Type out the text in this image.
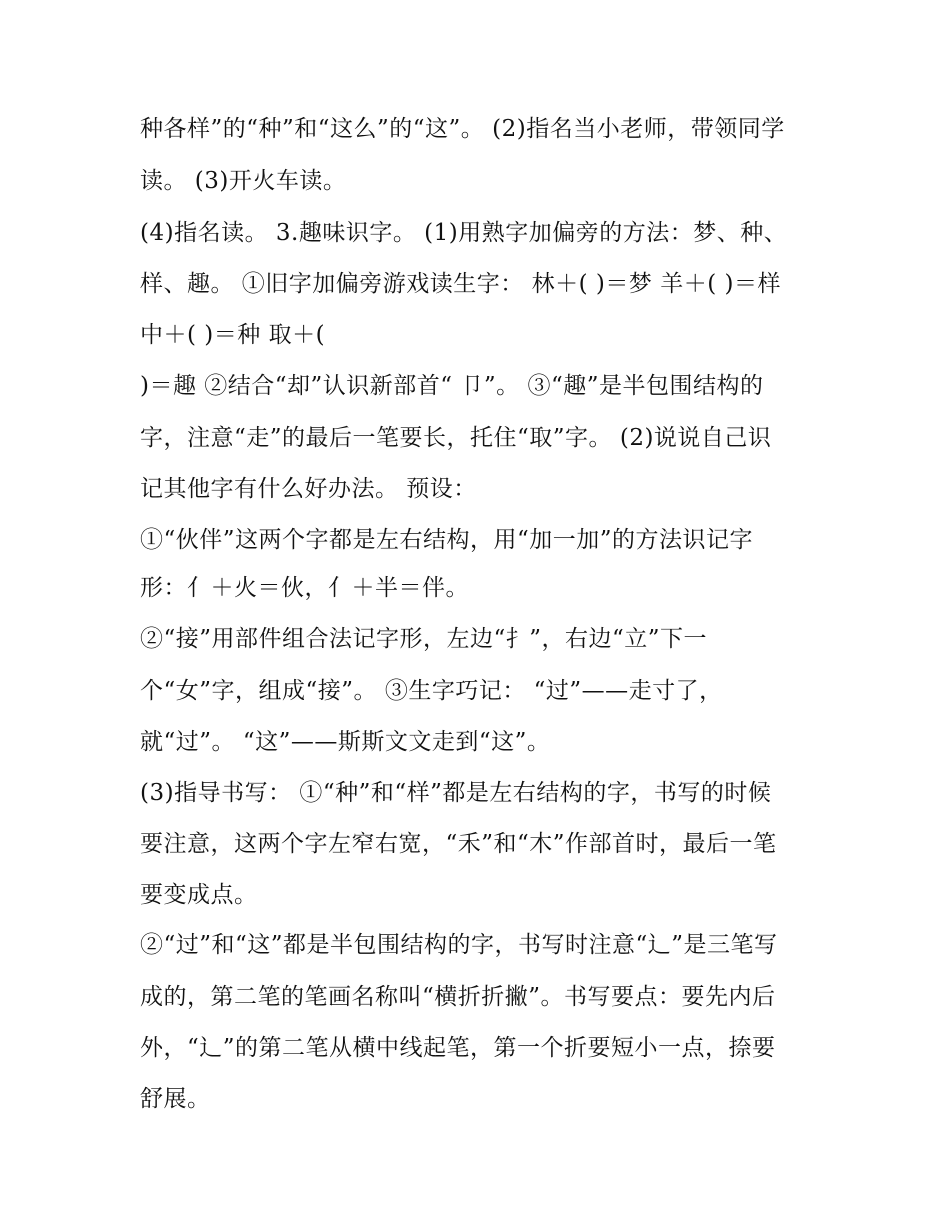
种各样”的“种”和“这么”的“这”。 (2)指名当小老师，带领同学
读。 (3)开火车读。
(4)指名读。 3.趣味识字。 (1)用熟字加偏旁的方法：梦、种、
样、趣。 ①旧字加偏旁游戏读生字： 林＋( )＝梦 羊＋( )＝样
中＋( )＝种 取＋(
)＝趣 ②结合“却”认识新部首“ 卩”。 ③“趣”是半包围结构的
字，注意“走”的最后一笔要长，托住“取”字。 (2)说说自己识
记其他字有什么好办法。 预设：
①“伙伴”这两个字都是左右结构，用“加一加”的方法识记字
形：亻＋火＝伙，亻＋半＝伴。
②“接”用部件组合法记字形，左边“扌”，右边“立”下一
个“女”字，组成“接”。 ③生字巧记： “过”——走寸了，
就“过”。 “这”——斯斯文文走到“这”。
(3)指导书写： ①“种”和“样”都是左右结构的字，书写的时候
要注意，这两个字左窄右宽，“禾”和“木”作部首时，最后一笔
要变成点。
②“过”和“这”都是半包围结构的字，书写时注意“辶”是三笔写
成的，第二笔的笔画名称叫“横折折撇”。书写要点：要先内后
外，“辶”的第二笔从横中线起笔，第一个折要短小一点，捺要
舒展。
